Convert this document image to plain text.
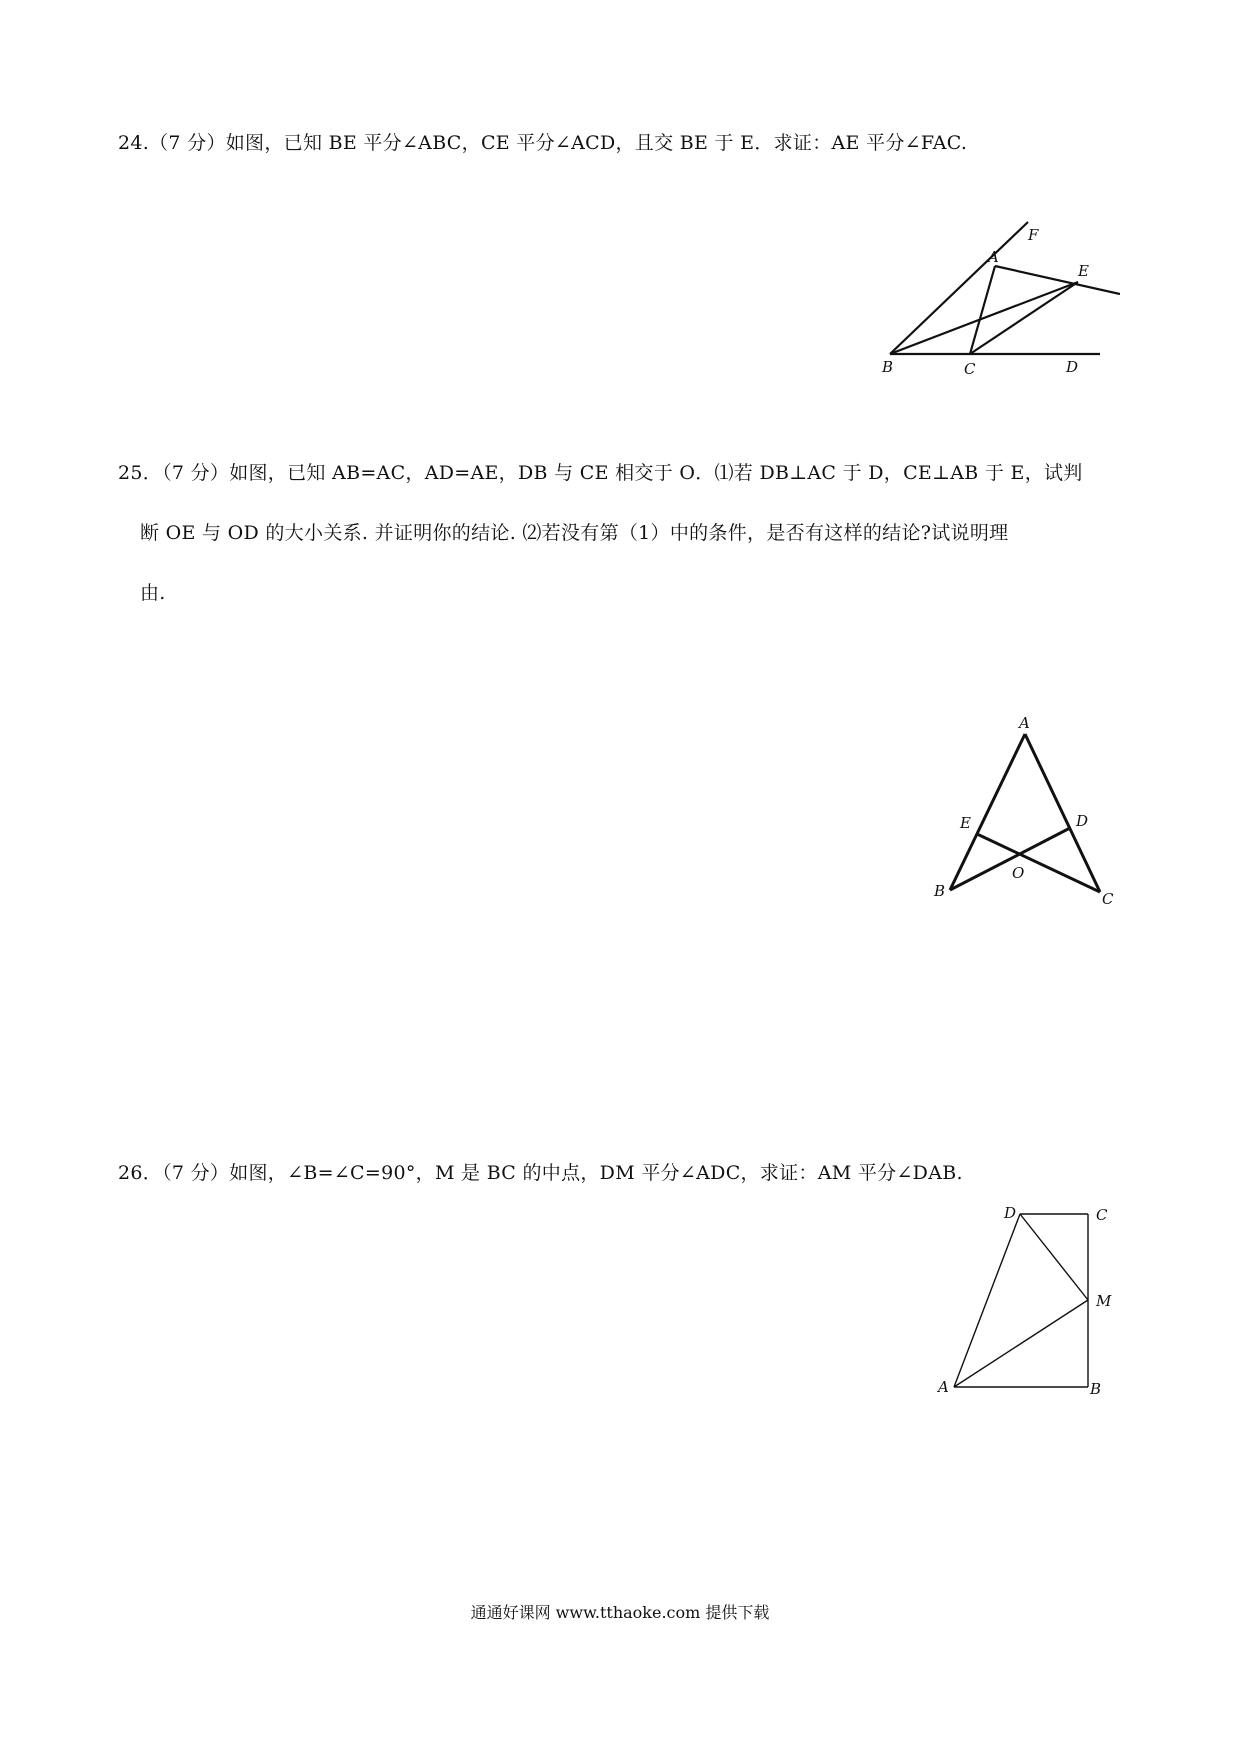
24.（7 分）如图，已知 BE 平分∠ABC，CE 平分∠ACD，且交 BE 于 E．求证：AE 平分∠FAC.
F
A
E
B	C	D
25．（7 分）如图，已知 AB=AC，AD=AE，DB 与 CE 相交于 O．⑴若 DB⊥AC 于 D，CE⊥AB 于 E，试判
断 OE 与 OD 的大小关系. 并证明你的结论. ⑵若没有第（1）中的条件，是否有这样的结论?试说明理
由.
A
E	D
O
B	C
26．（7 分）如图，∠B=∠C=90°，M 是 BC 的中点，DM 平分∠ADC，求证：AM 平分∠DAB.
D	C
M
A	B
通通好课网 www.tthaoke.com 提供下载
